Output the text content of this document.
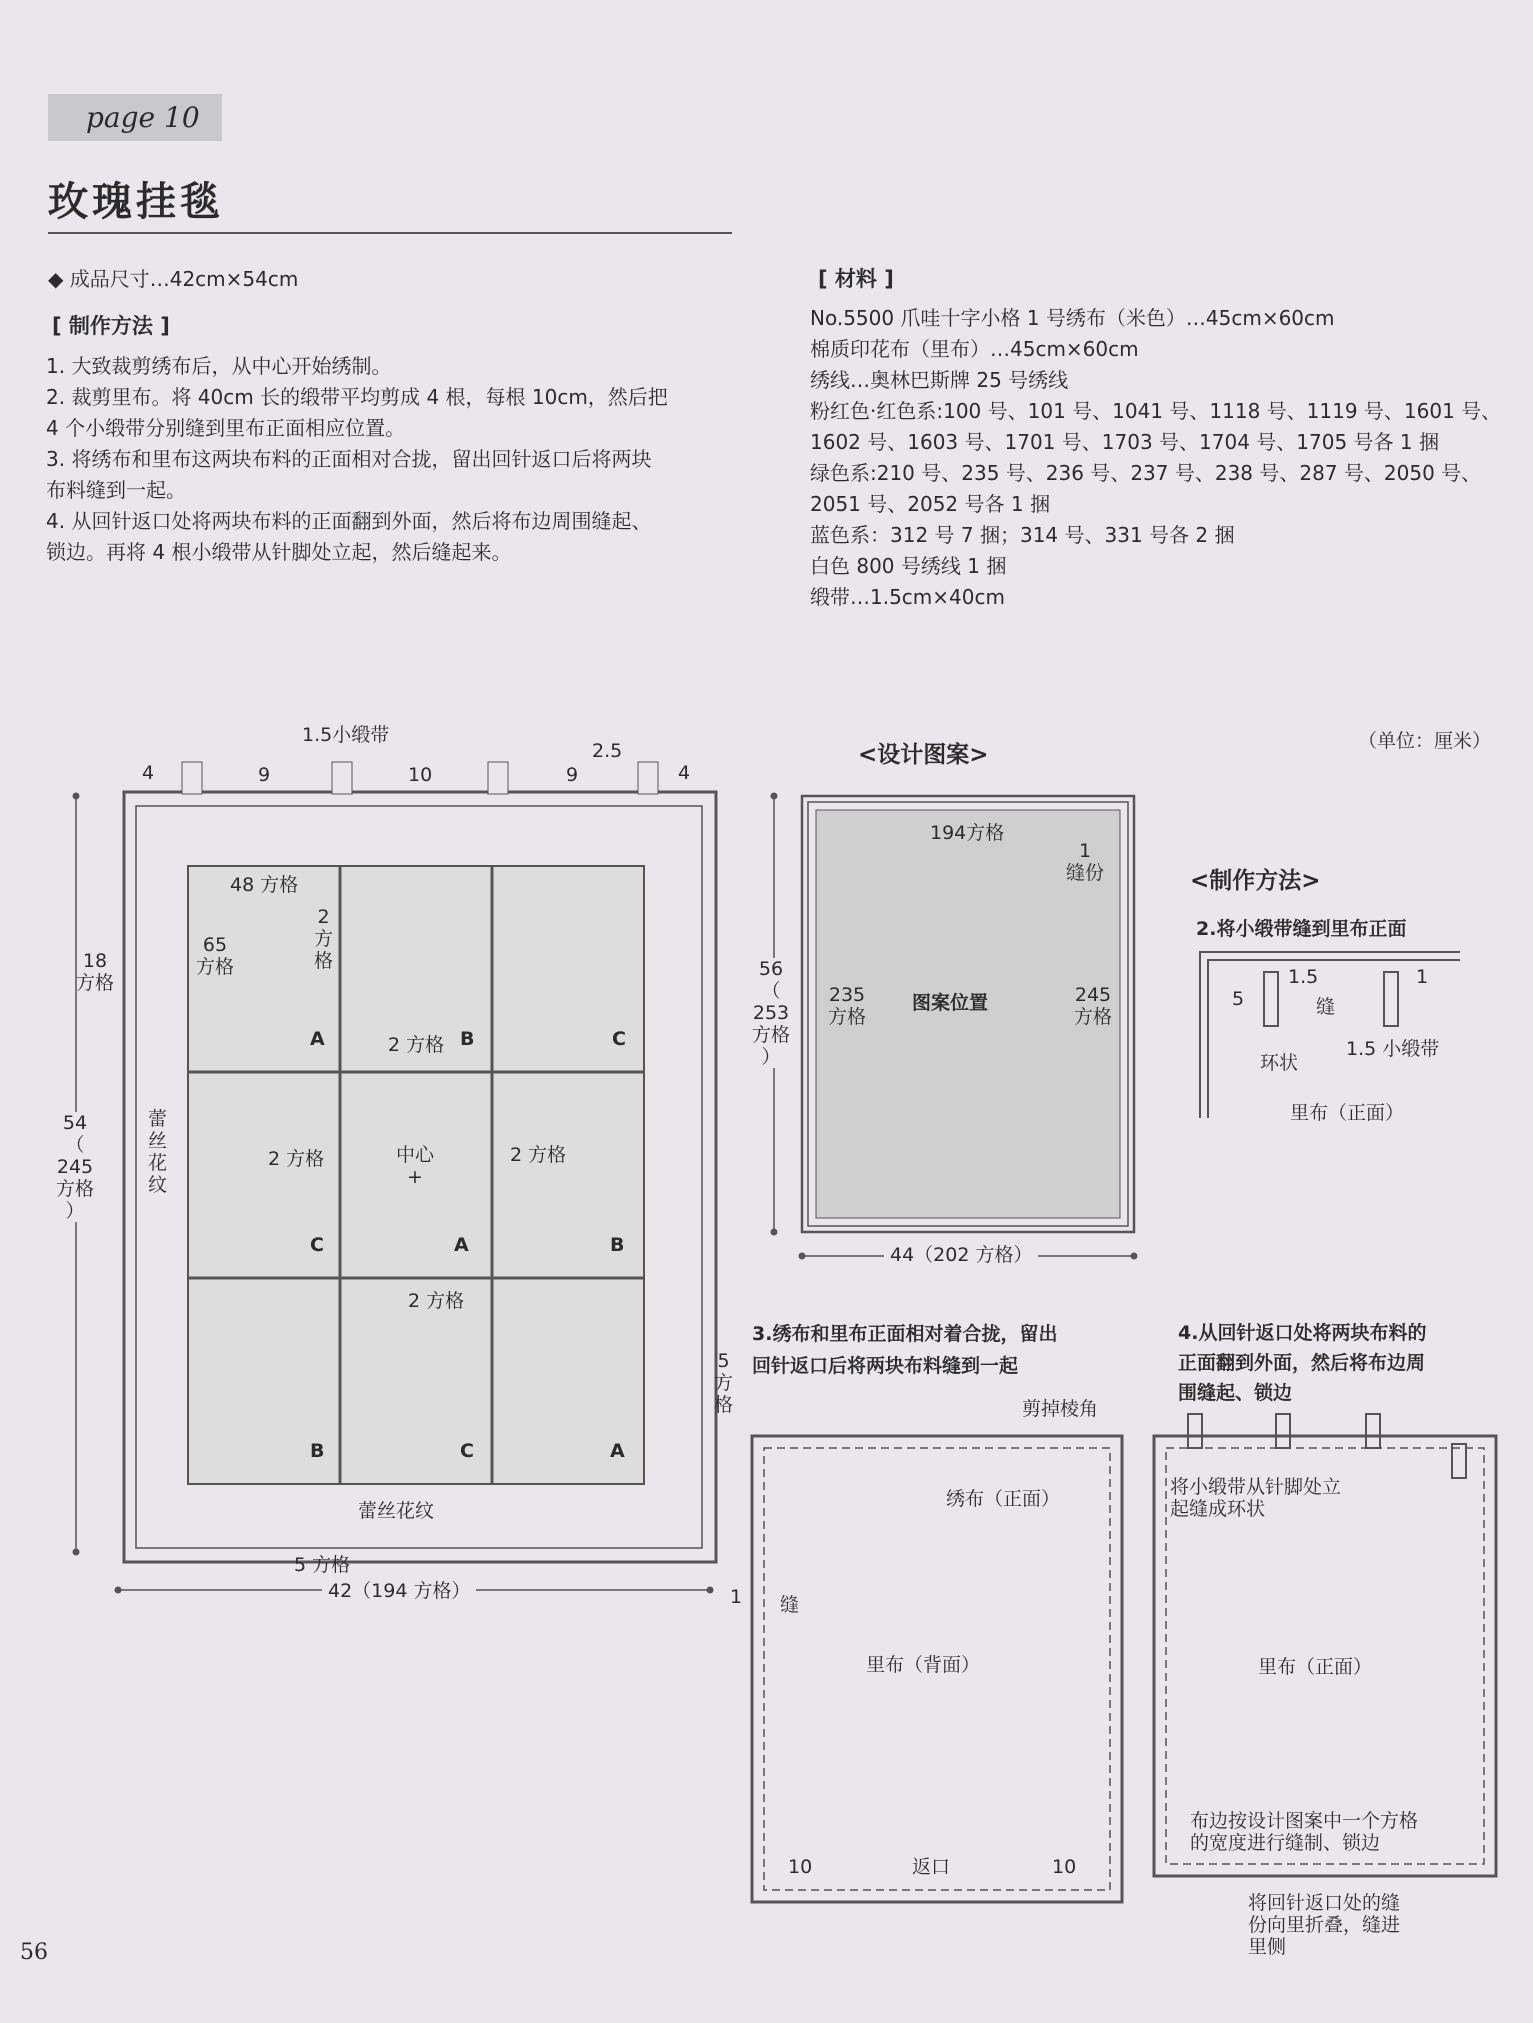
page 10
玫瑰挂毯
◆ 成品尺寸…42cm×54cm
[ 制作方法 ]
1. 大致裁剪绣布后，从中心开始绣制。
2. 裁剪里布。将 40cm 长的缎带平均剪成 4 根，每根 10cm，然后把
4 个小缎带分别缝到里布正面相应位置。
3. 将绣布和里布这两块布料的正面相对合拢，留出回针返口后将两块
布料缝到一起。
4. 从回针返口处将两块布料的正面翻到外面，然后将布边周围缝起、
锁边。再将 4 根小缎带从针脚处立起，然后缝起来。
[ 材料 ]
No.5500 爪哇十字小格 1 号绣布（米色）…45cm×60cm
棉质印花布（里布）…45cm×60cm
绣线…奥林巴斯牌 25 号绣线
粉红色·红色系:100 号、101 号、1041 号、1118 号、1119 号、1601 号、
1602 号、1603 号、1701 号、1703 号、1704 号、1705 号各 1 捆
绿色系:210 号、235 号、236 号、237 号、238 号、287 号、2050 号、
2051 号、2052 号各 1 捆
蓝色系：312 号 7 捆；314 号、331 号各 2 捆
白色 800 号绣线 1 捆
缎带…1.5cm×40cm
（单位：厘米）
1.5小缎带
4	9	10	9
2.5
4
48 方格
65
方格
2
方
格
18
方格
54
（
245
方格
）
蕾
丝
花
纹
蕾丝花纹
2 方格
2 方格	2 方格
2 方格
中心
+
A	B	C
C	A	B
B	C	A
5
方
格
5 方格
42（194 方格）
<设计图案>
194方格
1
缝份
56
（
253
方格
）
235
方格
245
方格
图案位置
44（202 方格）
<制作方法>
2.将小缎带缝到里布正面
5
1.5	1
缝
环状
1.5 小缎带
里布（正面）
3.绣布和里布正面相对着合拢，留出
回针返口后将两块布料缝到一起
剪掉棱角
绣布（正面）
1 缝
里布（背面）
10	返口	10
4.从回针返口处将两块布料的
正面翻到外面，然后将布边周
围缝起、锁边
将小缎带从针脚处立
起缝成环状
里布（正面）
布边按设计图案中一个方格
的宽度进行缝制、锁边
将回针返口处的缝
份向里折叠，缝进
里侧
56
